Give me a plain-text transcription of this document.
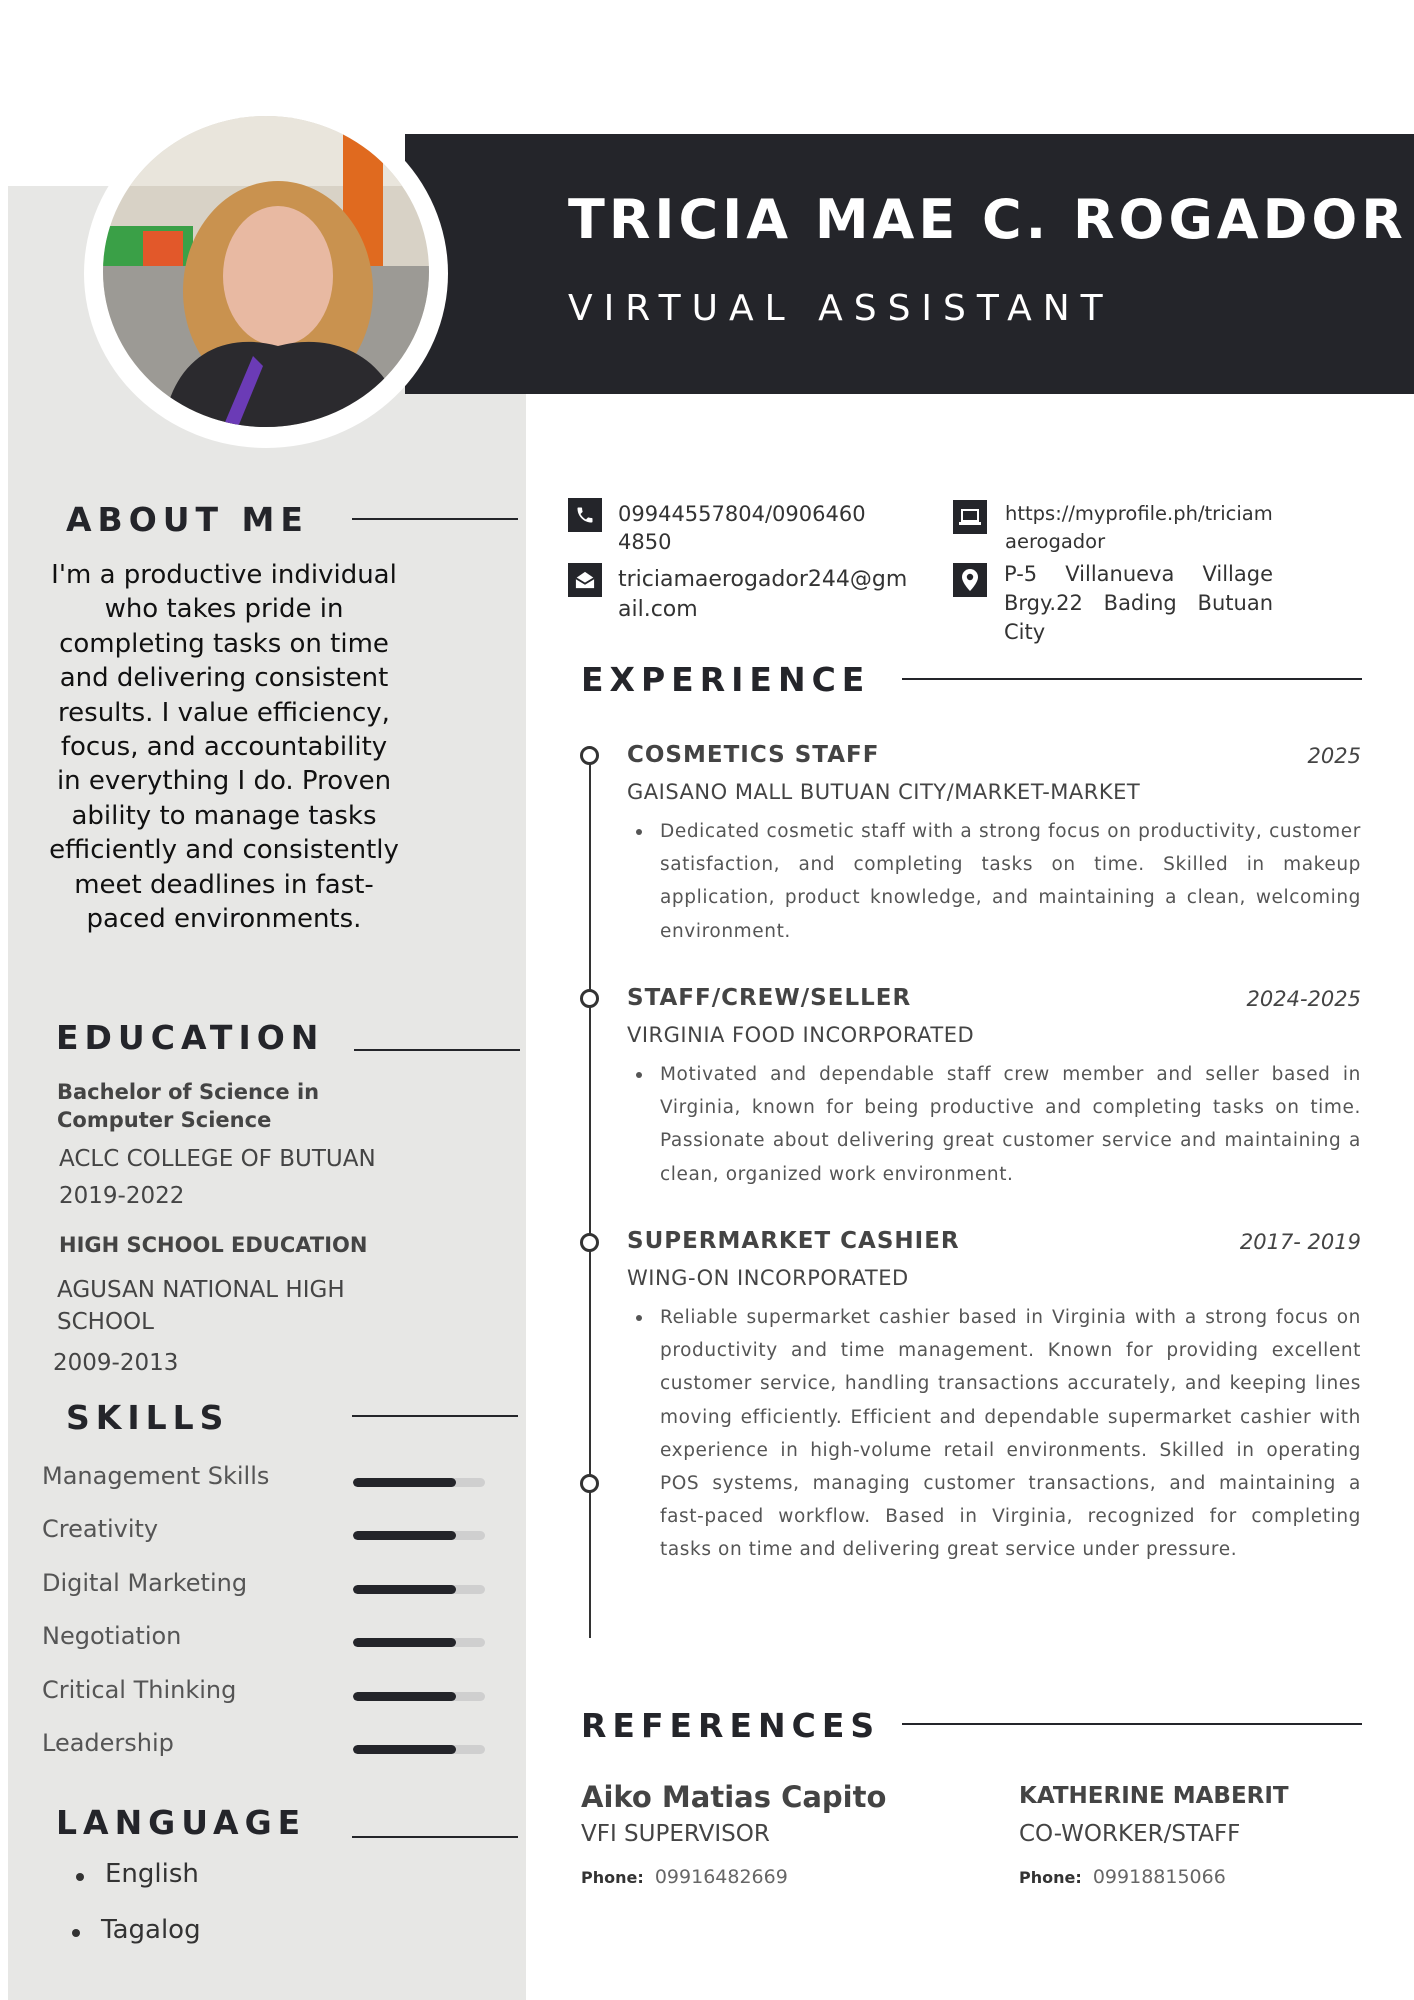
TRICIA MAE C. ROGADOR
VIRTUAL ASSISTANT
ABOUT ME
I'm a productive individual who takes pride in completing tasks on time and delivering consistent results. I value efficiency, focus, and accountability in everything I do. Proven ability to manage tasks efficiently and consistently meet deadlines in fast-paced environments.
EDUCATION
Bachelor of Science in Computer Science
ACLC COLLEGE OF BUTUAN
2019-2022
HIGH SCHOOL EDUCATION
AGUSAN NATIONAL HIGH SCHOOL
2009-2013
SKILLS
Management Skills
Creativity
Digital Marketing
Negotiation
Critical Thinking
Leadership
LANGUAGE
English
Tagalog
09944557804/09064604850
triciamaerogador244@gmail.com
https://myprofile.ph/triciamaerogador
P-5 Villanueva Village Brgy.22 Bading Butuan City
EXPERIENCE
COSMETICS STAFF	2025
GAISANO MALL BUTUAN CITY/MARKET-MARKET
Dedicated cosmetic staff with a strong focus on productivity, customer satisfaction, and completing tasks on time. Skilled in makeup application, product knowledge, and maintaining a clean, welcoming environment.
STAFF/CREW/SELLER	2024-2025
VIRGINIA FOOD INCORPORATED
Motivated and dependable staff crew member and seller based in Virginia, known for being productive and completing tasks on time. Passionate about delivering great customer service and maintaining a clean, organized work environment.
SUPERMARKET CASHIER	2017- 2019
WING-ON INCORPORATED
Reliable supermarket cashier based in Virginia with a strong focus on productivity and time management. Known for providing excellent customer service, handling transactions accurately, and keeping lines moving efficiently. Efficient and dependable supermarket cashier with experience in high-volume retail environments. Skilled in operating POS systems, managing customer transactions, and maintaining a fast-paced workflow. Based in Virginia, recognized for completing tasks on time and delivering great service under pressure.
REFERENCES
Aiko Matias Capito
VFI SUPERVISOR
Phone: 09916482669
KATHERINE MABERIT
CO-WORKER/STAFF
Phone: 09918815066
